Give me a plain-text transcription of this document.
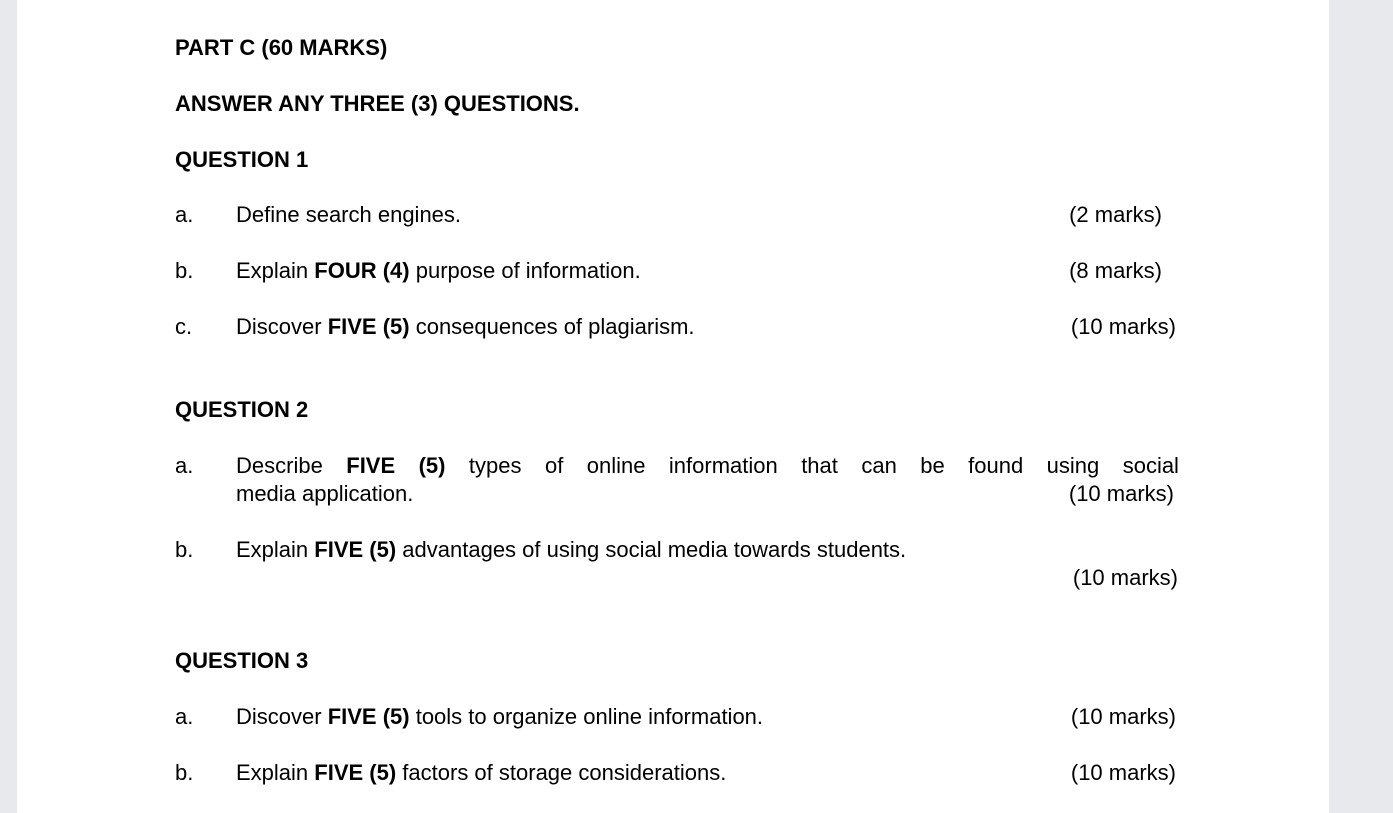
PART C (60 MARKS)
ANSWER ANY THREE (3) QUESTIONS.
QUESTION 1
a. Define search engines.	(2 marks)
b. Explain FOUR (4) purpose of information.	(8 marks)
c. Discover FIVE (5) consequences of plagiarism.	(10 marks)
QUESTION 2
a. Describe FIVE (5) types of online information that can be found using social
media application.	(10 marks)
b. Explain FIVE (5) advantages of using social media towards students.
(10 marks)
QUESTION 3
a. Discover FIVE (5) tools to organize online information.	(10 marks)
b. Explain FIVE (5) factors of storage considerations.	(10 marks)
